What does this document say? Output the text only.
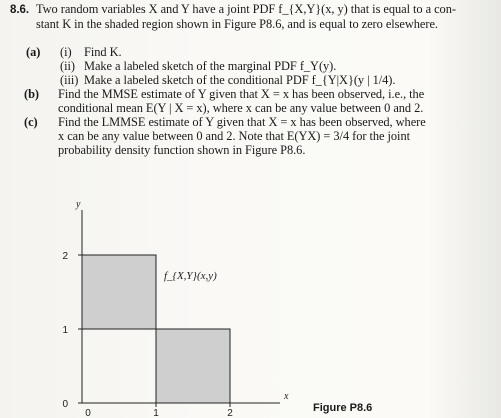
8.6. Two random variables X and Y have a joint PDF f_{X,Y}(x, y) that is equal to a con-
stant K in the shaded region shown in Figure P8.6, and is equal to zero elsewhere.

(a) (i) Find K.
(ii) Make a labeled sketch of the marginal PDF f_Y(y).
(iii) Make a labeled sketch of the conditional PDF f_{Y|X}(y | 1/4).
(b)	Find the MMSE estimate of Y given that X = x has been observed, i.e., the
conditional mean E(Y | X = x), where x can be any value between 0 and 2.
(c)	Find the LMMSE estimate of Y given that X = x has been observed, where
x can be any value between 0 and 2. Note that E(YX) = 3/4 for the joint
probability density function shown in Figure P8.6.
y
x
0
1
2
0	1	2
f_{X,Y}(x,y)
Figure P8.6
